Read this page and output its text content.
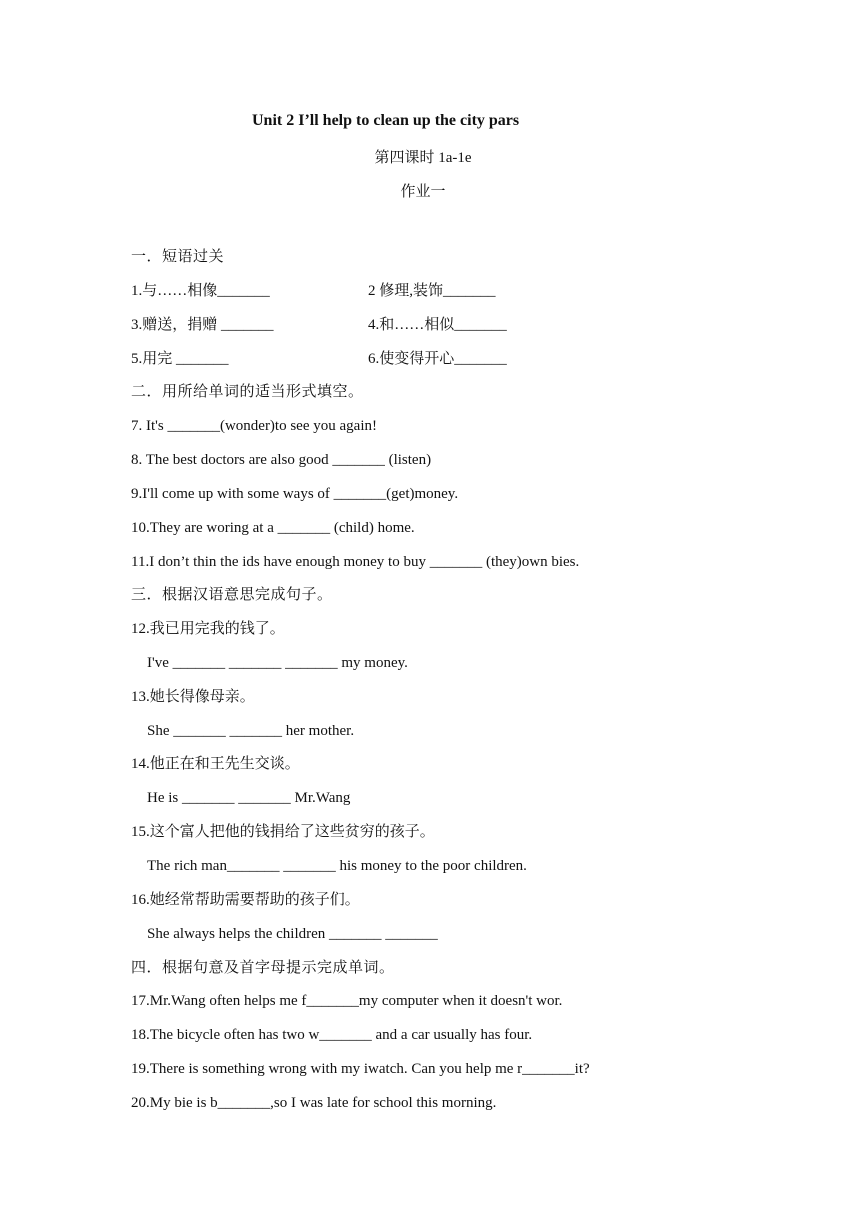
Unit 2 I’ll help to clean up the city pars
第四课时 1a-1e
作业一
一．短语过关
1.与……相像_______	2 修理,装饰_______
3.赠送，捐赠 _______	4.和……相似_______
5.用完 _______	6.使变得开心_______
二．用所给单词的适当形式填空。
7. It's _______(wonder)to see you again!
8. The best doctors are also good _______ (listen)
9.I'll come up with some ways of _______(get)money.
10.They are woring at a _______ (child) home.
11.I don’t thin the ids have enough money to buy _______ (they)own bies.
三．根据汉语意思完成句子。
12.我已用完我的钱了。
I've _______ _______ _______ my money.
13.她长得像母亲。
She _______ _______ her mother.
14.他正在和王先生交谈。
He is _______ _______ Mr.Wang
15.这个富人把他的钱捐给了这些贫穷的孩子。
The rich man_______ _______ his money to the poor children.
16.她经常帮助需要帮助的孩子们。
She always helps the children _______ _______
四．根据句意及首字母提示完成单词。
17.Mr.Wang often helps me f_______my computer when it doesn't wor.
18.The bicycle often has two w_______ and a car usually has four.
19.There is something wrong with my iwatch. Can you help me r_______it?
20.My bie is b_______,so I was late for school this morning.
